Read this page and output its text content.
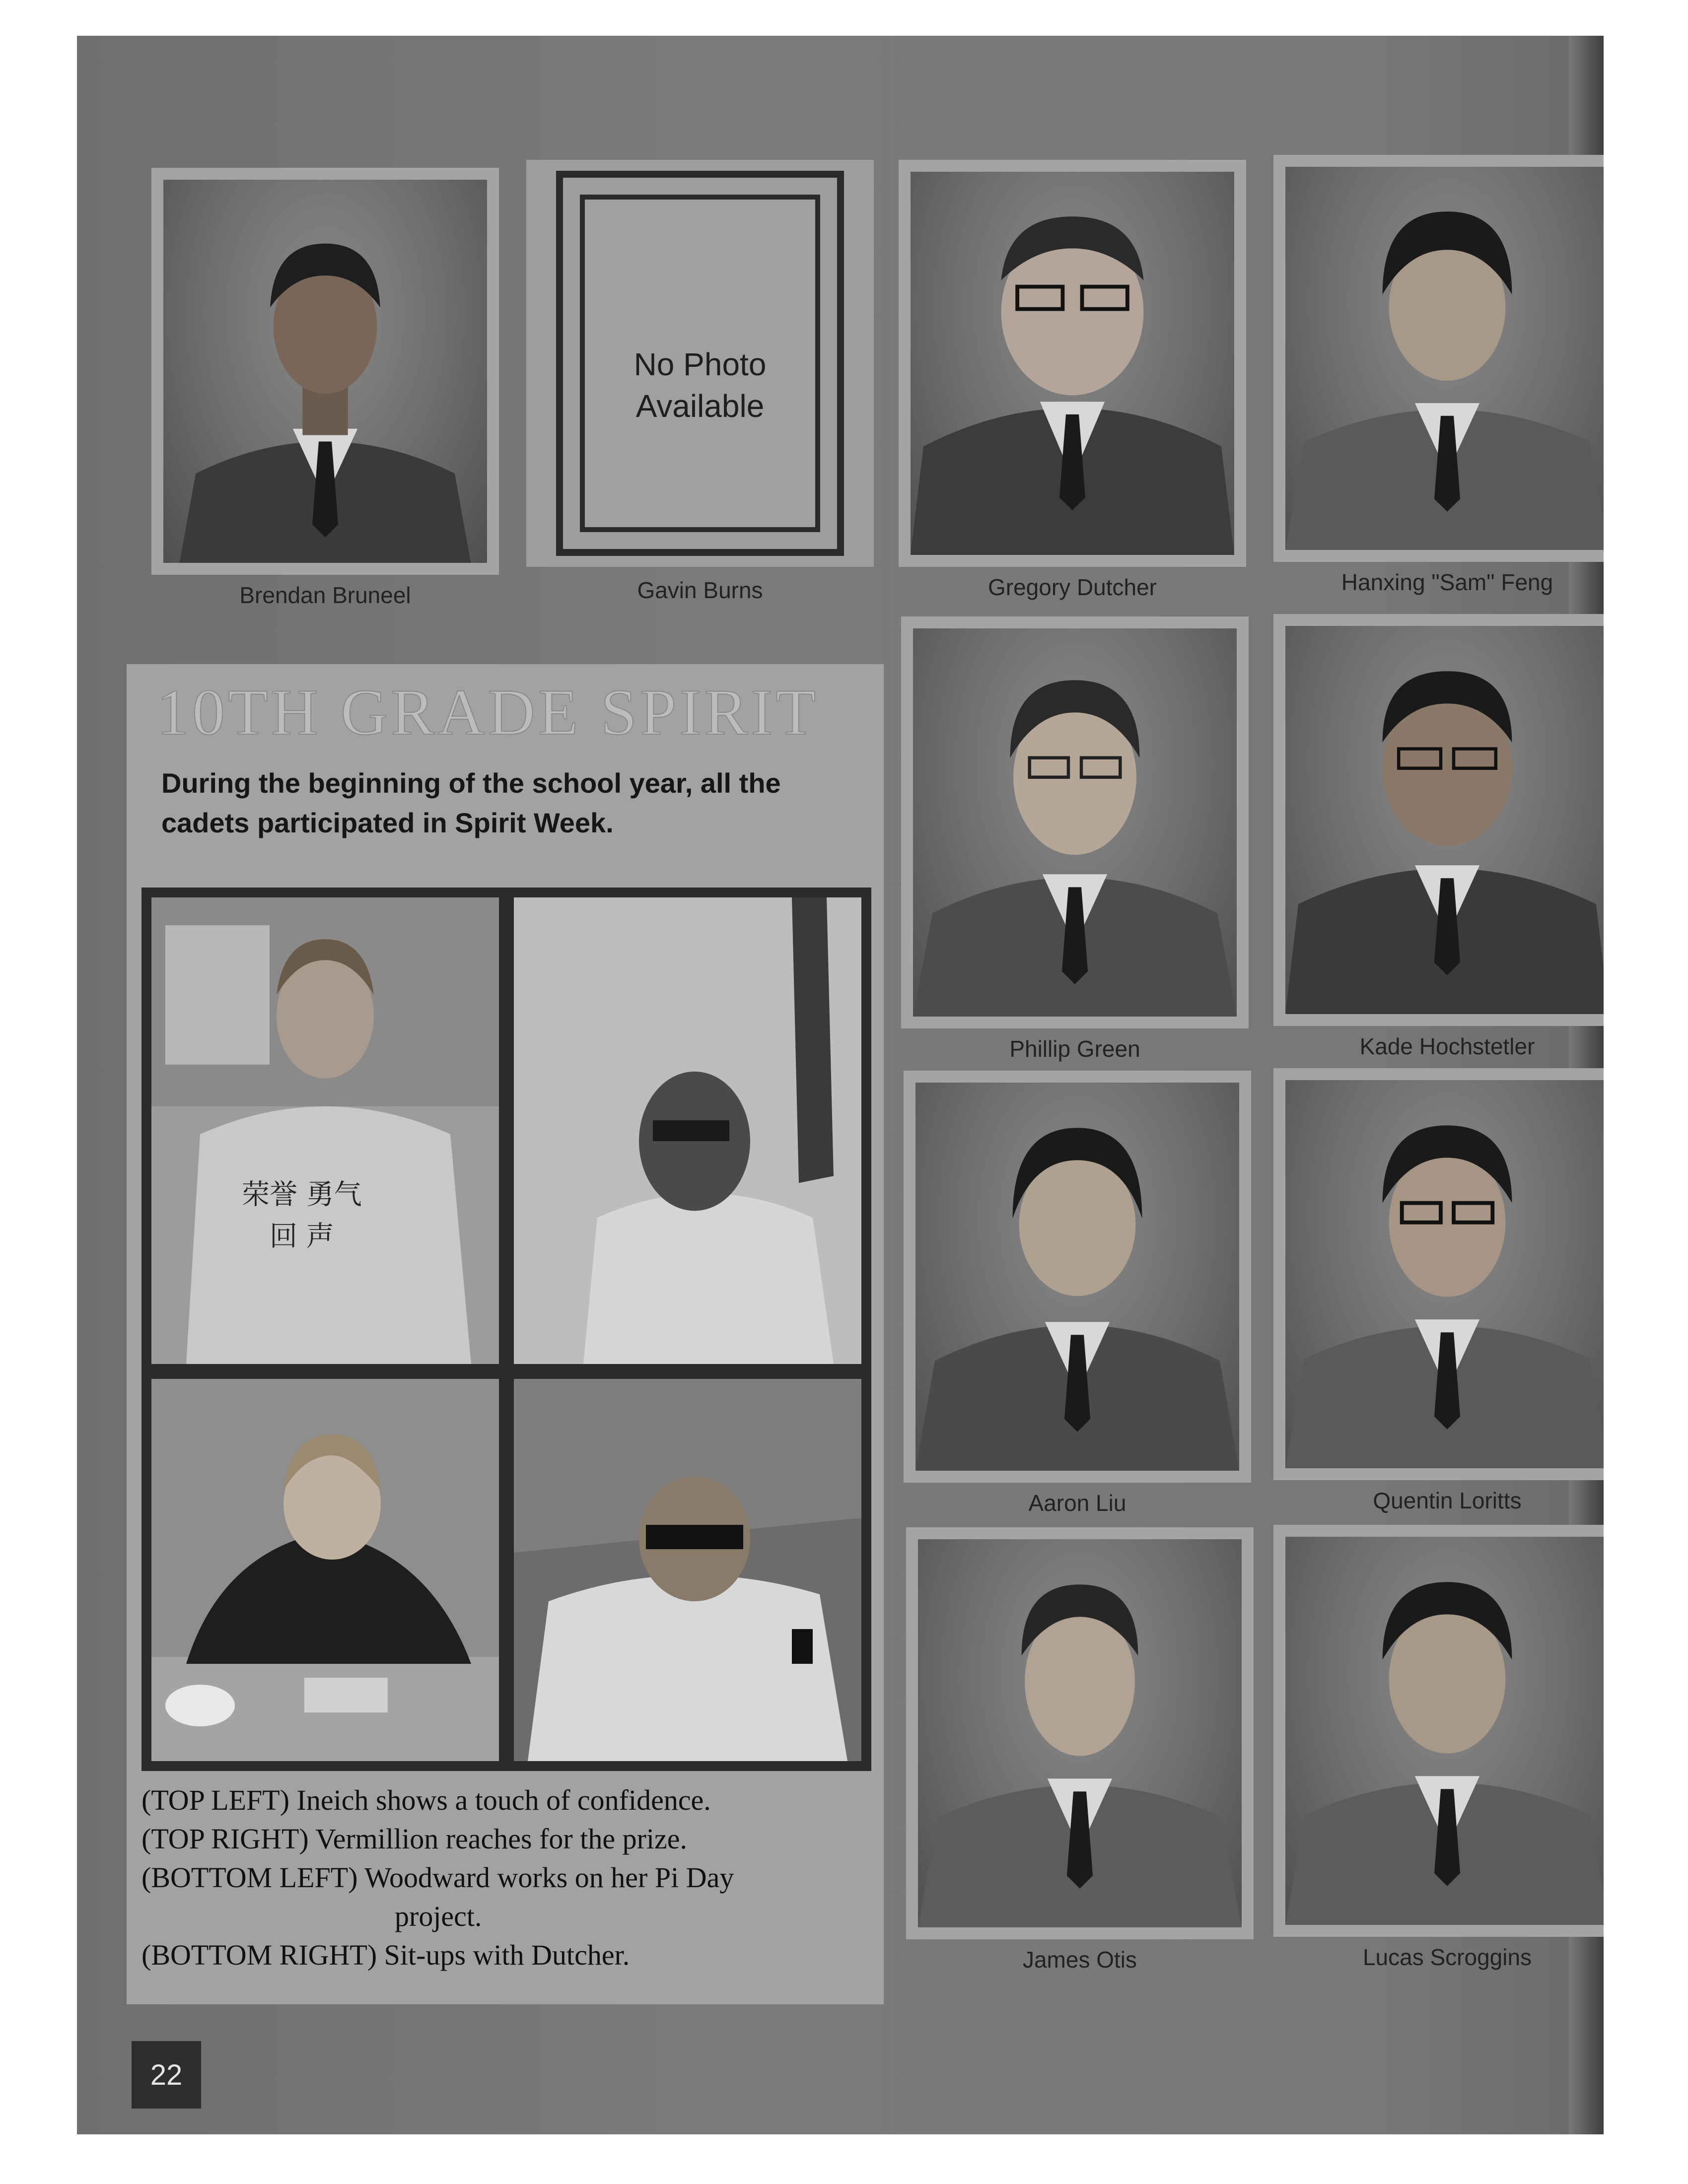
Brendan Bruneel
No Photo
Available
Gavin Burns	Gregory Dutcher	Hanxing "Sam" Feng
Phillip Green	Kade Hochstetler
Aaron Liu	Quentin Loritts
James Otis	Lucas Scroggins
10TH GRADE SPIRIT
During the beginning of the school year, all the cadets participated in Spirit Week.
荣誉 勇气
回 声
(TOP LEFT) Ineich shows a touch of confidence.
(TOP RIGHT) Vermillion reaches for the prize.
(BOTTOM LEFT) Woodward works on her Pi Day
project.
(BOTTOM RIGHT) Sit-ups with Dutcher.
22
